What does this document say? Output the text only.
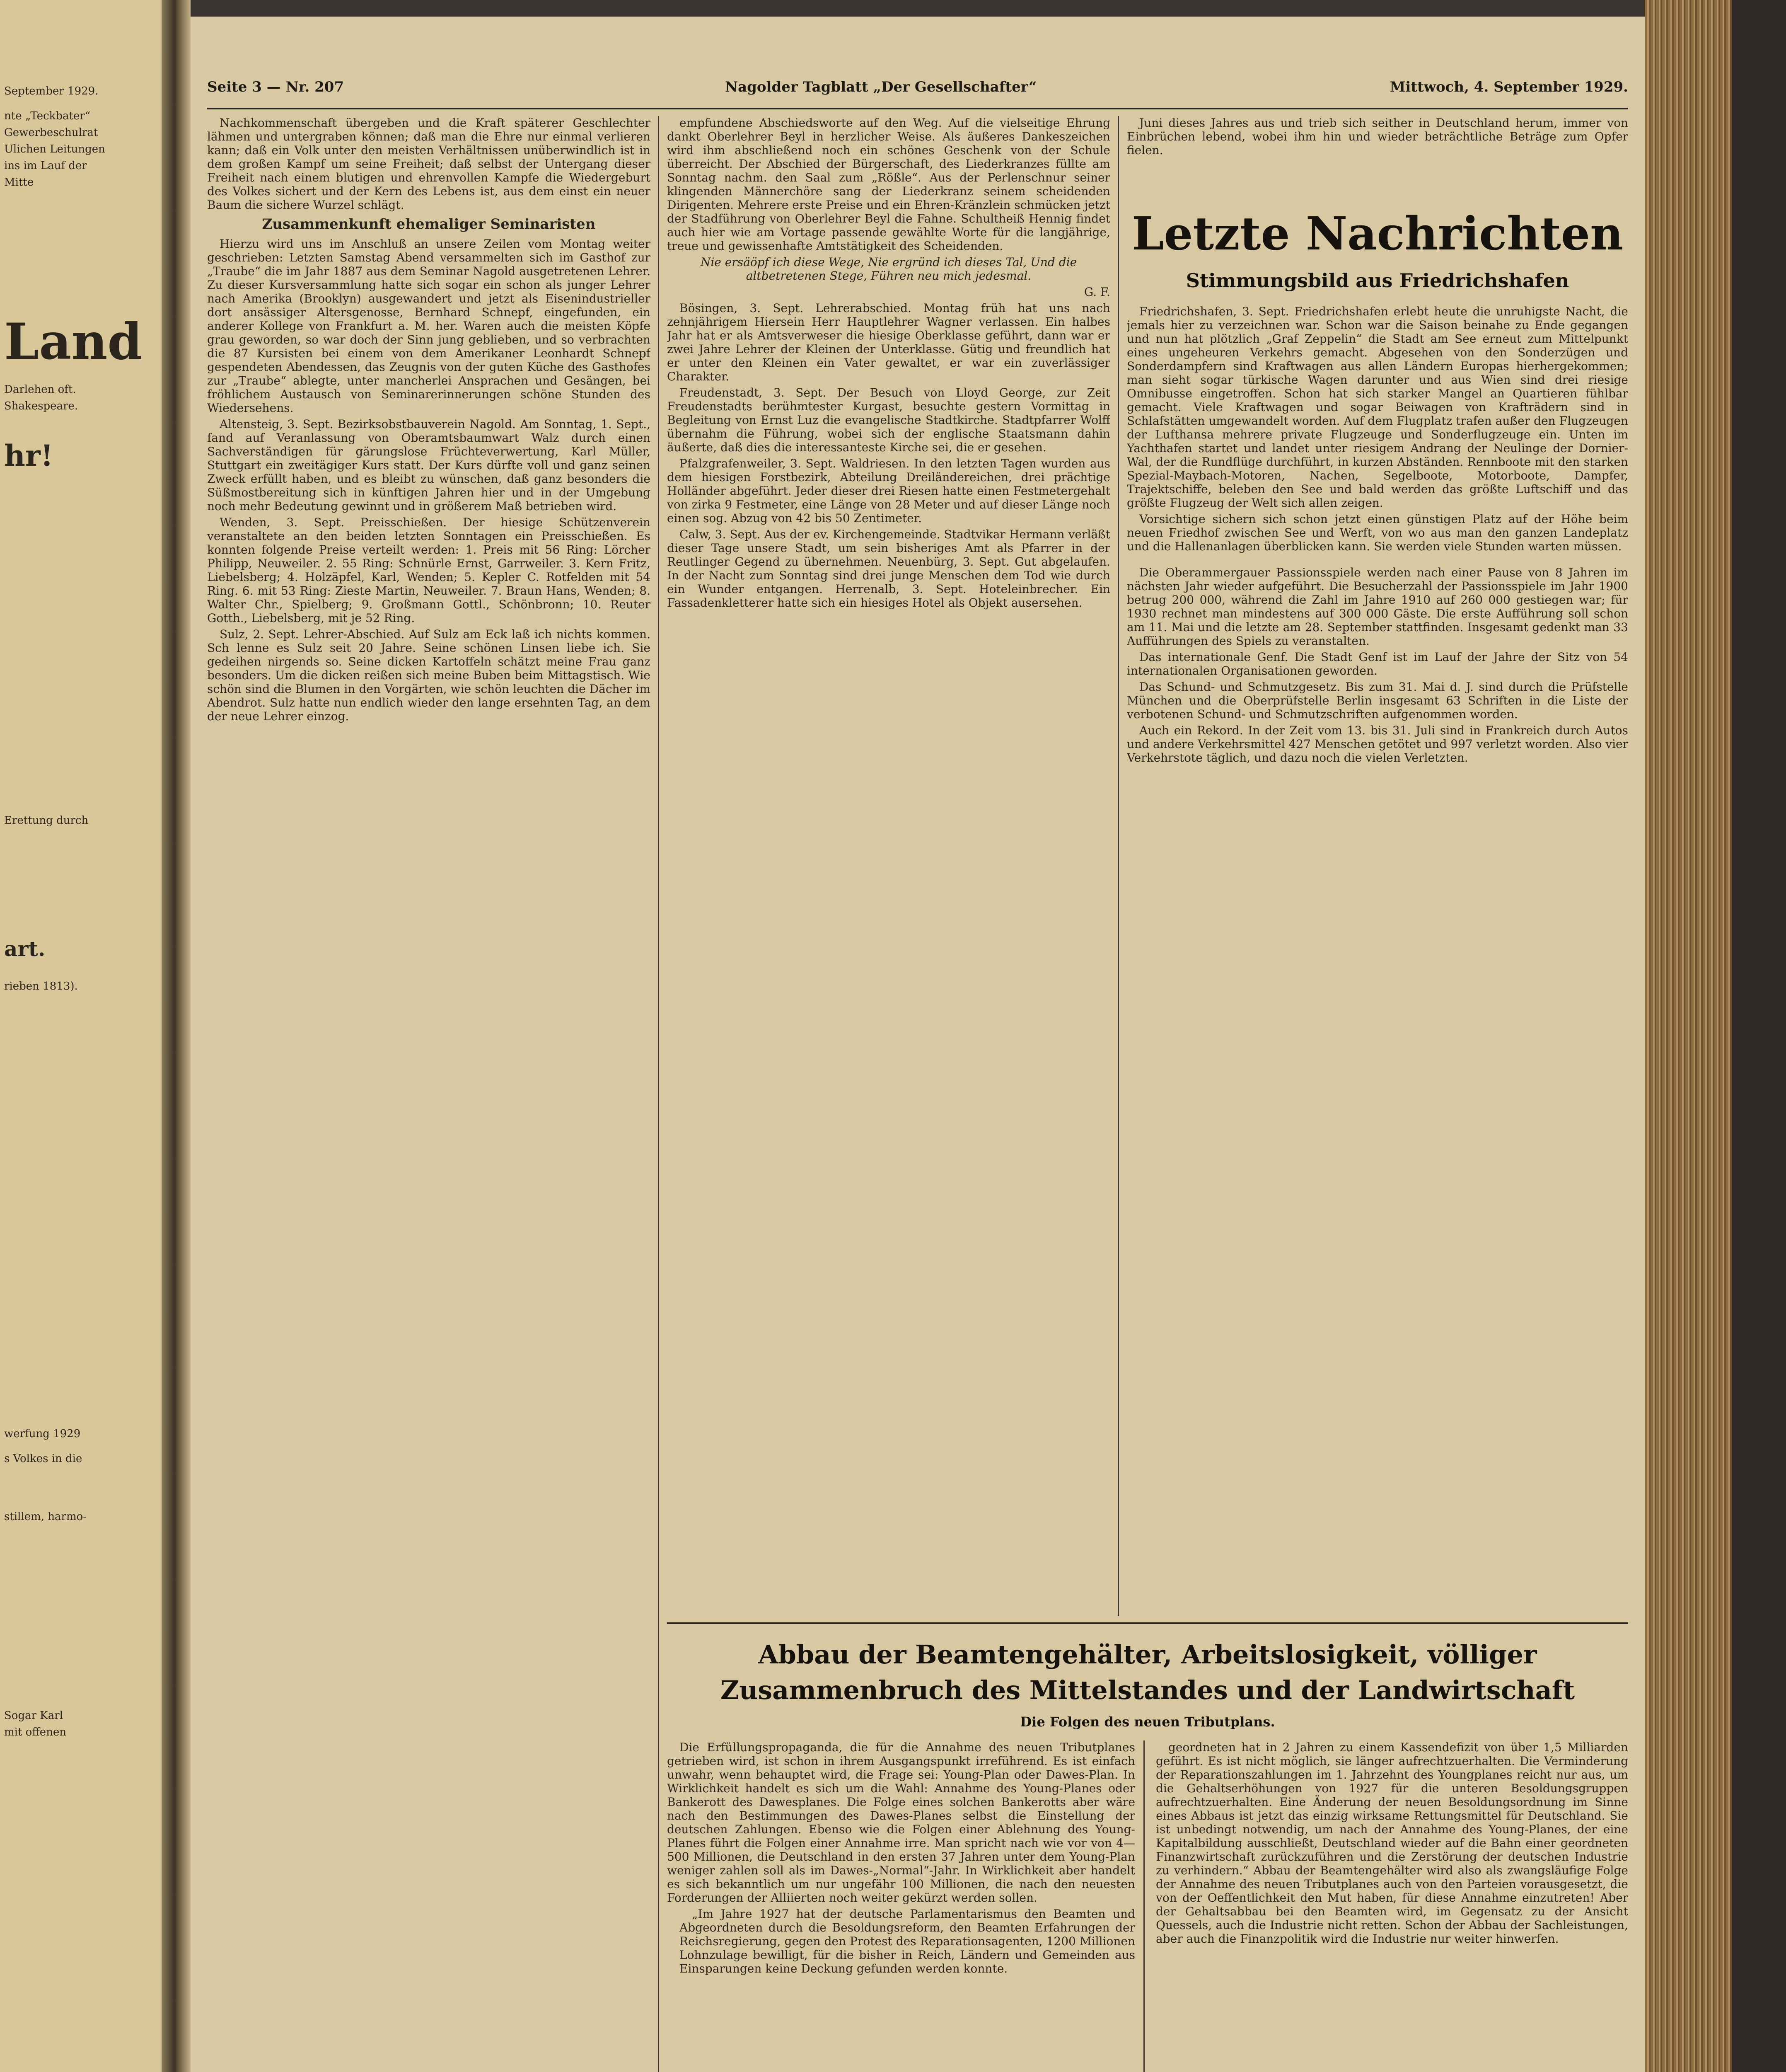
September 1929.
nte „Teckbater“
Gewerbeschulrat
Ulichen Leitungen
ins im Lauf der
Mitte
Land
Darlehen oft.
Shakespeare.
hr!
Erettung durch
art.
rieben 1813).
werfung 1929
s Volkes in die
Sogar Karl
mit offenen
stillem, harmo-
Seite 3 — Nr. 207	Nagolder Tagblatt „Der Gesellschafter“	Mittwoch, 4. September 1929.

Nachkommenschaft übergeben und die Kraft späterer Geschlechter lähmen und untergraben können; daß man die Ehre nur einmal verlieren kann; daß ein Volk unter den meisten Verhältnissen unüberwindlich ist in dem großen Kampf um seine Freiheit; daß selbst der Untergang dieser Freiheit nach einem blutigen und ehrenvollen Kampfe die Wiedergeburt des Volkes sichert und der Kern des Lebens ist, aus dem einst ein neuer Baum die sichere Wurzel schlägt.

Zusammenkunft ehemaliger Seminaristen

Hierzu wird uns im Anschluß an unsere Zeilen vom Montag weiter geschrieben: Letzten Samstag Abend versammelten sich im Gasthof zur „Traube“ die im Jahr 1887 aus dem Seminar Nagold ausgetretenen Lehrer. Zu dieser Kursversammlung hatte sich sogar ein schon als junger Lehrer nach Amerika (Brooklyn) ausgewandert und jetzt als Eisenindustrieller dort ansässiger Altersgenosse, Bernhard Schnepf, eingefunden, ein anderer Kollege von Frankfurt a. M. her. Waren auch die meisten Köpfe grau geworden, so war doch der Sinn jung geblieben, und so verbrachten die 87 Kursisten bei einem von dem Amerikaner Leonhardt Schnepf gespendeten Abendessen, das Zeugnis von der guten Küche des Gasthofes zur „Traube“ ablegte, unter mancherlei Ansprachen und Gesängen, bei fröhlichem Austausch von Seminarerinnerungen schöne Stunden des Wiedersehens.

Altensteig, 3. Sept. Bezirksobstbauverein Nagold. Am Sonntag, 1. Sept., fand auf Veranlassung von Oberamtsbaumwart Walz durch einen Sachverständigen für gärungslose Früchteverwertung, Karl Müller, Stuttgart ein zweitägiger Kurs statt. Der Kurs dürfte voll und ganz seinen Zweck erfüllt haben, und es bleibt zu wünschen, daß ganz besonders die Süßmostbereitung sich in künftigen Jahren hier und in der Umgebung noch mehr Bedeutung gewinnt und in größerem Maß betrieben wird.

Wenden, 3. Sept. Preisschießen. Der hiesige Schützenverein veranstaltete an den beiden letzten Sonntagen ein Preisschießen. Es konnten folgende Preise verteilt werden: 1. Preis mit 56 Ring: Lörcher Philipp, Neuweiler. 2. 55 Ring: Schnürle Ernst, Garrweiler. 3. Kern Fritz, Liebelsberg; 4. Holzäpfel, Karl, Wenden; 5. Kepler C. Rotfelden mit 54 Ring. 6. mit 53 Ring: Zieste Martin, Neuweiler. 7. Braun Hans, Wenden; 8. Walter Chr., Spielberg; 9. Großmann Gottl., Schönbronn; 10. Reuter Gotth., Liebelsberg, mit je 52 Ring.

Sulz, 2. Sept. Lehrer-Abschied. Auf Sulz am Eck laß ich nichts kommen. Sch lenne es Sulz seit 20 Jahre. Seine schönen Linsen liebe ich. Sie gedeihen nirgends so. Seine dicken Kartoffeln schätzt meine Frau ganz besonders. Um die dicken reißen sich meine Buben beim Mittagstisch. Wie schön sind die Blumen in den Vorgärten, wie schön leuchten die Dächer im Abendrot. Sulz hatte nun endlich wieder den lange ersehnten Tag, an dem der neue Lehrer einzog.

empfundene Abschiedsworte auf den Weg. Auf die vielseitige Ehrung dankt Oberlehrer Beyl in herzlicher Weise. Als äußeres Dankeszeichen wird ihm abschließend noch ein schönes Geschenk von der Schule überreicht. Der Abschied der Bürgerschaft, des Liederkranzes füllte am Sonntag nachm. den Saal zum „Rößle“. Aus der Perlenschnur seiner klingenden Männerchöre sang der Liederkranz seinem scheidenden Dirigenten. Mehrere erste Preise und ein Ehren-Kränzlein schmücken jetzt der Stadführung von Oberlehrer Beyl die Fahne. Schultheiß Hennig findet auch hier wie am Vortage passende gewählte Worte für die langjährige, treue und gewissenhafte Amtstätigkeit des Scheidenden.

Nie ersäöpf ich diese Wege, Nie ergründ ich dieses Tal, Und die altbetretenen Stege, Führen neu mich jedesmal.

G. F.

Bösingen, 3. Sept. Lehrerabschied. Montag früh hat uns nach zehnjährigem Hiersein Herr Hauptlehrer Wagner verlassen. Ein halbes Jahr hat er als Amtsverweser die hiesige Oberklasse geführt, dann war er zwei Jahre Lehrer der Kleinen der Unterklasse. Gütig und freundlich hat er unter den Kleinen ein Vater gewaltet, er war ein zuverlässiger Charakter.

Freudenstadt, 3. Sept. Der Besuch von Lloyd George, zur Zeit Freudenstadts berühmtester Kurgast, besuchte gestern Vormittag in Begleitung von Ernst Luz die evangelische Stadtkirche. Stadtpfarrer Wolff übernahm die Führung, wobei sich der englische Staatsmann dahin äußerte, daß dies die interessanteste Kirche sei, die er gesehen.

Pfalzgrafenweiler, 3. Sept. Waldriesen. In den letzten Tagen wurden aus dem hiesigen Forstbezirk, Abteilung Dreiländereichen, drei prächtige Holländer abgeführt. Jeder dieser drei Riesen hatte einen Festmetergehalt von zirka 9 Festmeter, eine Länge von 28 Meter und auf dieser Länge noch einen sog. Abzug von 42 bis 50 Zentimeter.

Calw, 3. Sept. Aus der ev. Kirchengemeinde. Stadtvikar Hermann verläßt dieser Tage unsere Stadt, um sein bisheriges Amt als Pfarrer in der Reutlinger Gegend zu übernehmen. Neuenbürg, 3. Sept. Gut abgelaufen. In der Nacht zum Sonntag sind drei junge Menschen dem Tod wie durch ein Wunder entgangen. Herrenalb, 3. Sept. Hoteleinbrecher. Ein Fassadenkletterer hatte sich ein hiesiges Hotel als Objekt ausersehen.

Juni dieses Jahres aus und trieb sich seither in Deutschland herum, immer von Einbrüchen lebend, wobei ihm hin und wieder beträchtliche Beträge zum Opfer fielen.

Letzte Nachrichten
Stimmungsbild aus Friedrichshafen

Friedrichshafen, 3. Sept. Friedrichshafen erlebt heute die unruhigste Nacht, die jemals hier zu verzeichnen war. Schon war die Saison beinahe zu Ende gegangen und nun hat plötzlich „Graf Zeppelin“ die Stadt am See erneut zum Mittelpunkt eines ungeheuren Verkehrs gemacht. Abgesehen von den Sonderzügen und Sonderdampfern sind Kraftwagen aus allen Ländern Europas hierhergekommen; man sieht sogar türkische Wagen darunter und aus Wien sind drei riesige Omnibusse eingetroffen. Schon hat sich starker Mangel an Quartieren fühlbar gemacht. Viele Kraftwagen und sogar Beiwagen von Krafträdern sind in Schlafstätten umgewandelt worden. Auf dem Flugplatz trafen außer den Flugzeugen der Lufthansa mehrere private Flugzeuge und Sonderflugzeuge ein. Unten im Yachthafen startet und landet unter riesigem Andrang der Neulinge der Dornier-Wal, der die Rundflüge durchführt, in kurzen Abständen. Rennboote mit den starken Spezial-Maybach-Motoren, Nachen, Segelboote, Motorboote, Dampfer, Trajektschiffe, beleben den See und bald werden das größte Luftschiff und das größte Flugzeug der Welt sich allen zeigen.

Vorsichtige sichern sich schon jetzt einen günstigen Platz auf der Höhe beim neuen Friedhof zwischen See und Werft, von wo aus man den ganzen Landeplatz und die Hallenanlagen überblicken kann. Sie werden viele Stunden warten müssen.

Die Oberammergauer Passionsspiele werden nach einer Pause von 8 Jahren im nächsten Jahr wieder aufgeführt. Die Besucherzahl der Passionsspiele im Jahr 1900 betrug 200 000, während die Zahl im Jahre 1910 auf 260 000 gestiegen war; für 1930 rechnet man mindestens auf 300 000 Gäste. Die erste Aufführung soll schon am 11. Mai und die letzte am 28. September stattfinden. Insgesamt gedenkt man 33 Aufführungen des Spiels zu veranstalten.

Das internationale Genf. Die Stadt Genf ist im Lauf der Jahre der Sitz von 54 internationalen Organisationen geworden.

Das Schund- und Schmutzgesetz. Bis zum 31. Mai d. J. sind durch die Prüfstelle München und die Oberprüfstelle Berlin insgesamt 63 Schriften in die Liste der verbotenen Schund- und Schmutzschriften aufgenommen worden.

Auch ein Rekord. In der Zeit vom 13. bis 31. Juli sind in Frankreich durch Autos und andere Verkehrsmittel 427 Menschen getötet und 997 verletzt worden. Also vier Verkehrstote täglich, und dazu noch die vielen Verletzten.

Abbau der Beamtengehälter, Arbeitslosigkeit, völliger Zusammenbruch des Mittelstandes und der Landwirtschaft
Die Folgen des neuen Tributplans.

Die Erfüllungspropaganda, die für die Annahme des neuen Tributplanes getrieben wird, ist schon in ihrem Ausgangspunkt irreführend. Es ist einfach unwahr, wenn behauptet wird, die Frage sei: Young-Plan oder Dawes-Plan. In Wirklichkeit handelt es sich um die Wahl: Annahme des Young-Planes oder Bankerott des Dawesplanes. Die Folge eines solchen Bankerotts aber wäre nach den Bestimmungen des Dawes-Planes selbst die Einstellung der deutschen Zahlungen. Ebenso wie die Folgen einer Ablehnung des Young-Planes führt die Folgen einer Annahme irre. Man spricht nach wie vor von 4—500 Millionen, die Deutschland in den ersten 37 Jahren unter dem Young-Plan weniger zahlen soll als im Dawes-„Normal“-Jahr. In Wirklichkeit aber handelt es sich bekanntlich um nur ungefähr 100 Millionen, die nach den neuesten Forderungen der Alliierten noch weiter gekürzt werden sollen.

„Im Jahre 1927 hat der deutsche Parlamentarismus den Beamten und Abgeordneten durch die Besoldungsreform, den Beamten Erfahrungen der Reichsregierung, gegen den Protest des Reparationsagenten, 1200 Millionen Lohnzulage bewilligt, für die bisher in Reich, Ländern und Gemeinden aus Einsparungen keine Deckung gefunden werden konnte.

geordneten hat in 2 Jahren zu einem Kassendefizit von über 1,5 Milliarden geführt. Es ist nicht möglich, sie länger aufrechtzuerhalten. Die Verminderung der Reparationszahlungen im 1. Jahrzehnt des Youngplanes reicht nur aus, um die Gehaltserhöhungen von 1927 für die unteren Besoldungsgruppen aufrechtzuerhalten. Eine Änderung der neuen Besoldungsordnung im Sinne eines Abbaus ist jetzt das einzig wirksame Rettungsmittel für Deutschland. Sie ist unbedingt notwendig, um nach der Annahme des Young-Planes, der eine Kapitalbildung ausschließt, Deutschland wieder auf die Bahn einer geordneten Finanzwirtschaft zurückzuführen und die Zerstörung der deutschen Industrie zu verhindern.“ Abbau der Beamtengehälter wird also als zwangsläufige Folge der Annahme des neuen Tributplanes auch von den Parteien vorausgesetzt, die von der Oeffentlichkeit den Mut haben, für diese Annahme einzutreten! Aber der Gehaltsabbau bei den Beamten wird, im Gegensatz zu der Ansicht Quessels, auch die Industrie nicht retten. Schon der Abbau der Sachleistungen, aber auch die Finanzpolitik wird die Industrie nur weiter hinwerfen.
